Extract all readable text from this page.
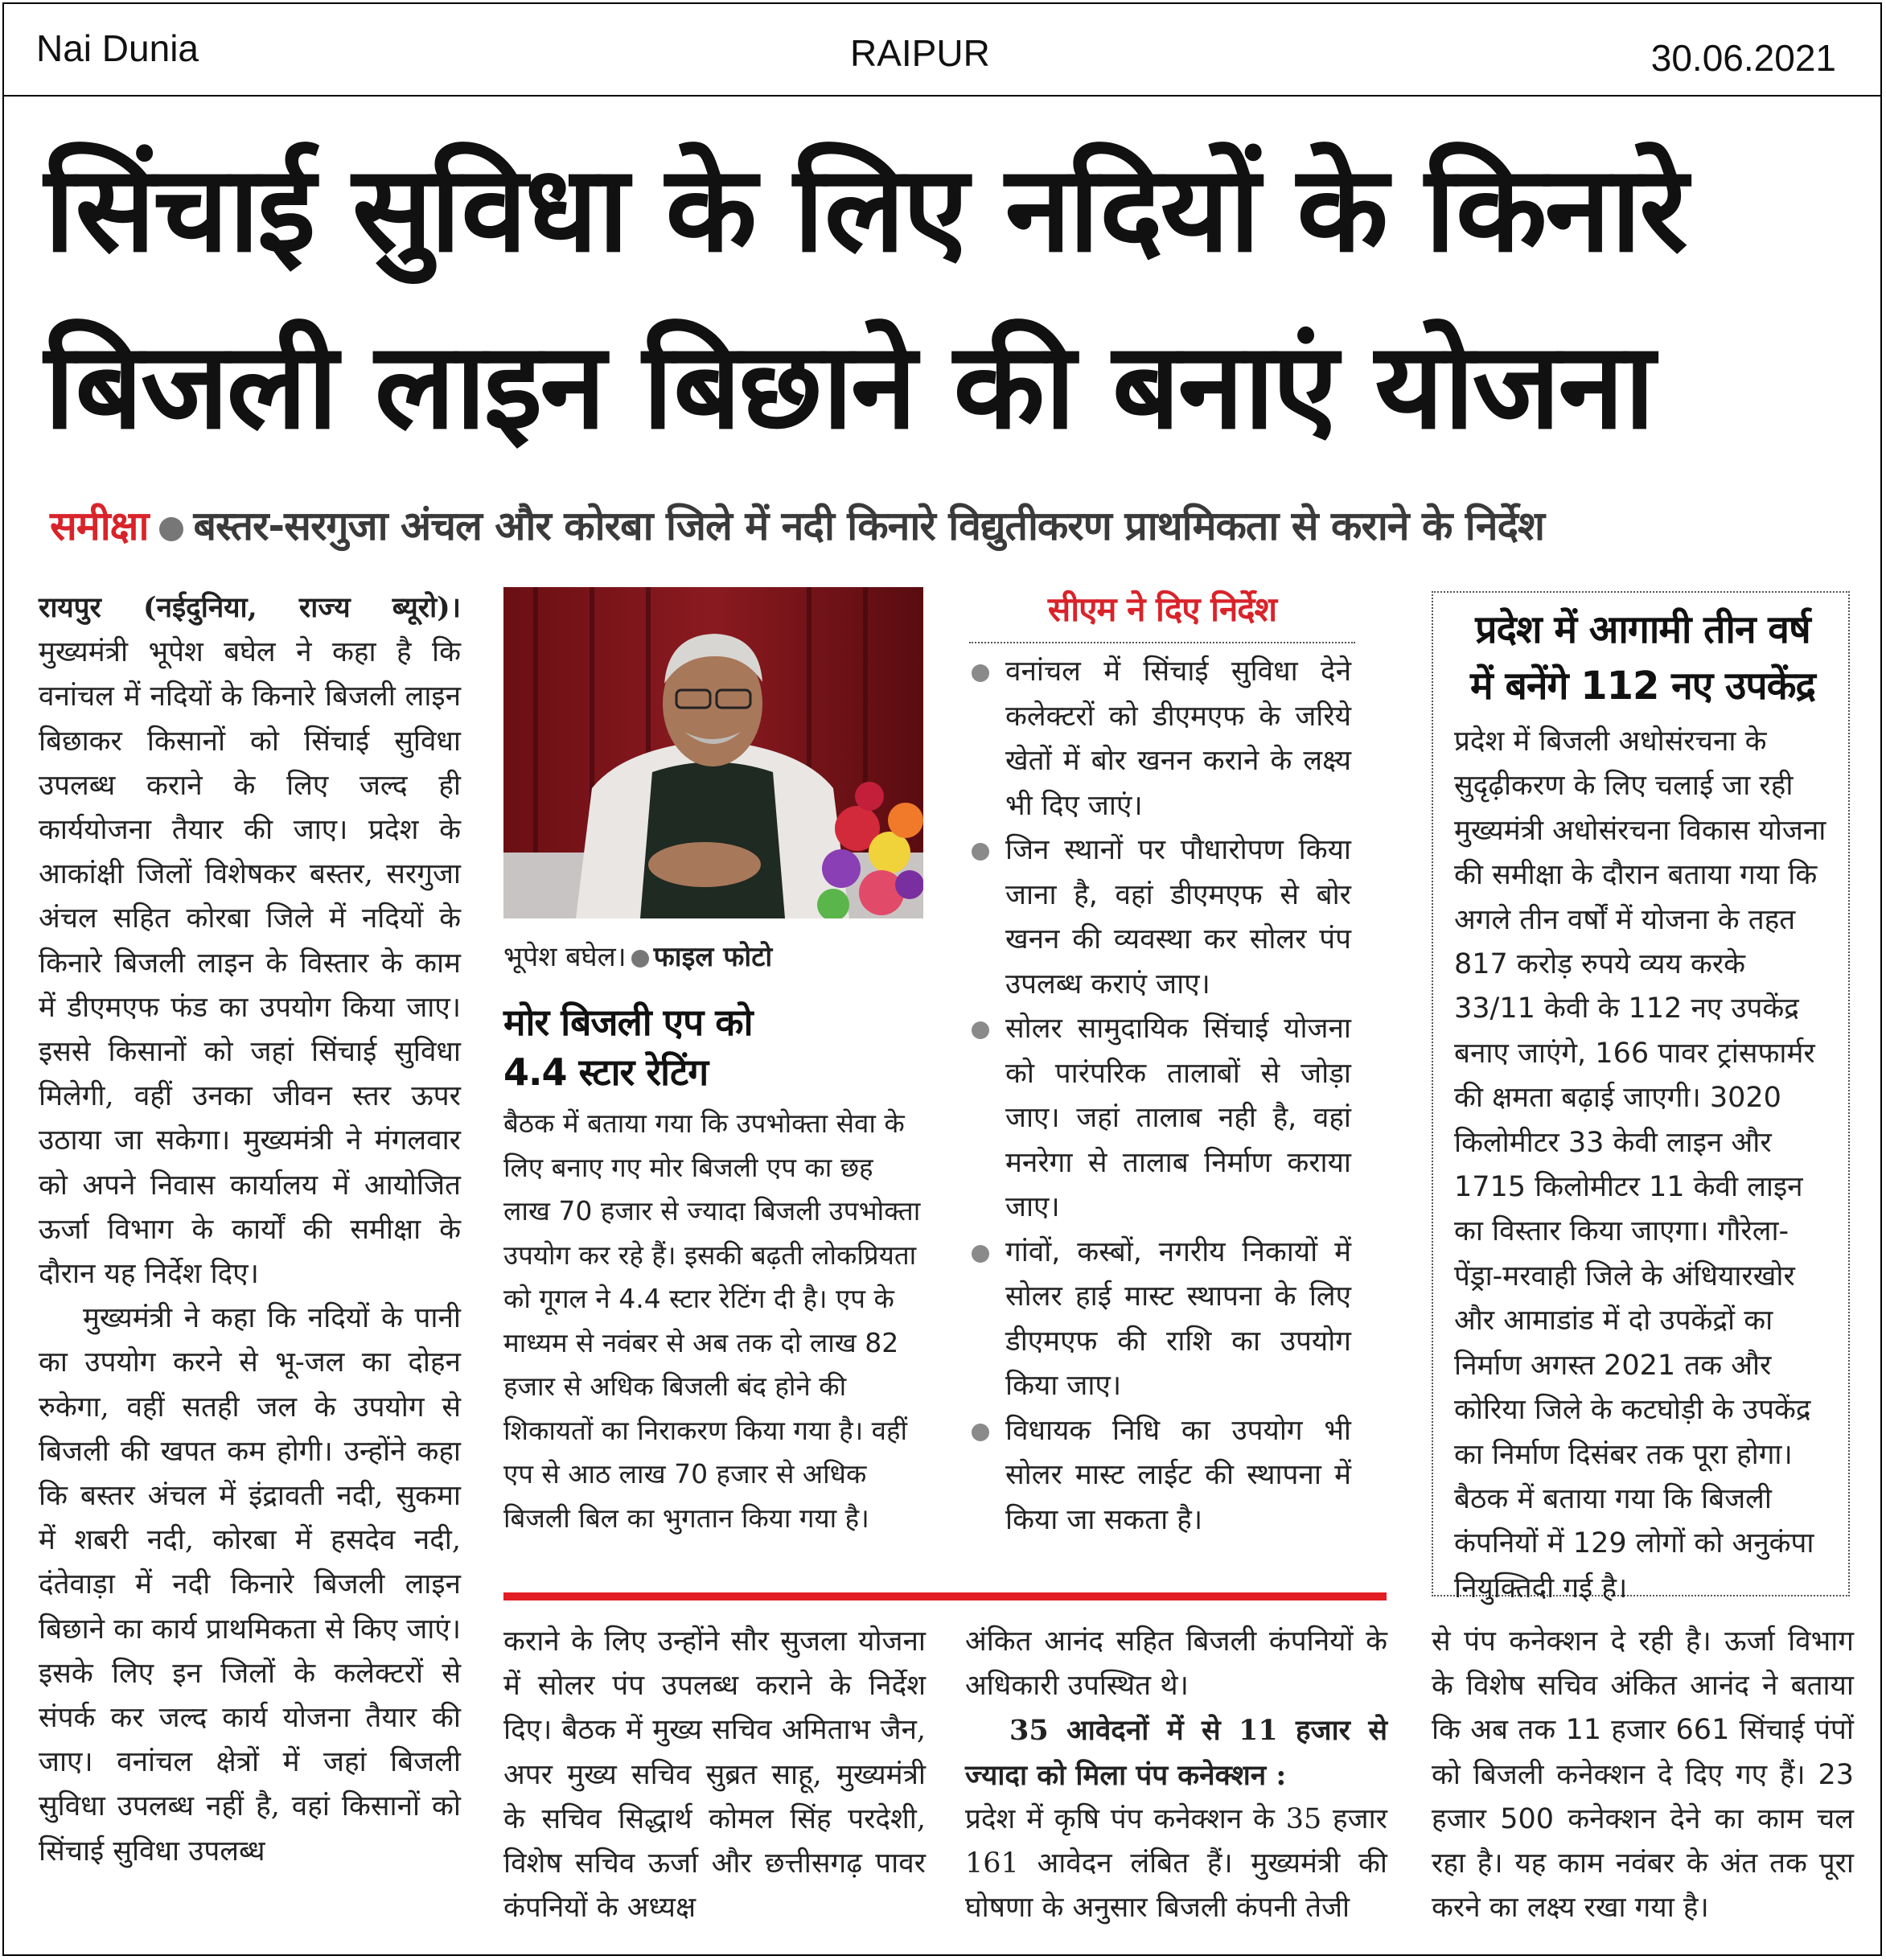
Nai Dunia	RAIPUR	30.06.2021
सिंचाई सुविधा के लिए नदियों के किनारे
बिजली लाइन बिछाने की बनाएं योजना
समीक्षा बस्तर-सरगुजा अंचल और कोरबा जिले में नदी किनारे विद्युतीकरण प्राथमिकता से कराने के निर्देश

रायपुर (नईदुनिया, राज्य ब्यूरो)। मुख्यमंत्री भूपेश बघेल ने कहा है कि वनांचल में नदियों के किनारे बिजली लाइन बिछाकर किसानों को सिंचाई सुविधा उपलब्ध कराने के लिए जल्द ही कार्ययोजना तैयार की जाए। प्रदेश के आकांक्षी जिलों विशेषकर बस्तर, सरगुजा अंचल सहित कोरबा जिले में नदियों के किनारे बिजली लाइन के विस्तार के काम में डीएमएफ फंड का उपयोग किया जाए। इससे किसानों को जहां सिंचाई सुविधा मिलेगी, वहीं उनका जीवन स्तर ऊपर उठाया जा सकेगा। मुख्यमंत्री ने मंगलवार को अपने निवास कार्यालय में आयोजित ऊर्जा विभाग के कार्यों की समीक्षा के दौरान यह निर्देश दिए।

मुख्यमंत्री ने कहा कि नदियों के पानी का उपयोग करने से भू-जल का दोहन रुकेगा, वहीं सतही जल के उपयोग से बिजली की खपत कम होगी। उन्होंने कहा कि बस्तर अंचल में इंद्रावती नदी, सुकमा में शबरी नदी, कोरबा में हसदेव नदी, दंतेवाड़ा में नदी किनारे बिजली लाइन बिछाने का कार्य प्राथमिकता से किए जाएं। इसके लिए इन जिलों के कलेक्टरों से संपर्क कर जल्द कार्य योजना तैयार की जाए। वनांचल क्षेत्रों में जहां बिजली सुविधा उपलब्ध नहीं है, वहां किसानों को सिंचाई सुविधा उपलब्ध

भूपेश बघेल। फाइल फोटो
मोर बिजली एप को
4.4 स्टार रेटिंग
बैठक में बताया गया कि उपभोक्ता सेवा के लिए बनाए गए मोर बिजली एप का छह लाख 70 हजार से ज्यादा बिजली उपभोक्ता उपयोग कर रहे हैं। इसकी बढ़ती लोकप्रियता को गूगल ने 4.4 स्टार रेटिंग दी है। एप के माध्यम से नवंबर से अब तक दो लाख 82 हजार से अधिक बिजली बंद होने की शिकायतों का निराकरण किया गया है। वहीं एप से आठ लाख 70 हजार से अधिक बिजली बिल का भुगतान किया गया है।
सीएम ने दिए निर्देश
वनांचल में सिंचाई सुविधा देने कलेक्टरों को डीएमएफ के जरिये खेतों में बोर खनन कराने के लक्ष्य भी दिए जाएं।
जिन स्थानों पर पौधारोपण किया जाना है, वहां डीएमएफ से बोर खनन की व्यवस्था कर सोलर पंप उपलब्ध कराएं जाए।
सोलर सामुदायिक सिंचाई योजना को पारंपरिक तालाबों से जोड़ा जाए। जहां तालाब नही है, वहां मनरेगा से तालाब निर्माण कराया जाए।
गांवों, कस्बों, नगरीय निकायों में सोलर हाई मास्ट स्थापना के लिए डीएमएफ की राशि का उपयोग किया जाए।
विधायक निधि का उपयोग भी सोलर मास्ट लाईट की स्थापना में किया जा सकता है।
प्रदेश में आगामी तीन वर्ष
में बनेंगे 112 नए उपकेंद्र
प्रदेश में बिजली अधोसंरचना के सुदृढ़ीकरण के लिए चलाई जा रही मुख्यमंत्री अधोसंरचना विकास योजना की समीक्षा के दौरान बताया गया कि अगले तीन वर्षों में योजना के तहत 817 करोड़ रुपये व्यय करके 33/11 केवी के 112 नए उपकेंद्र बनाए जाएंगे, 166 पावर ट्रांसफार्मर की क्षमता बढ़ाई जाएगी। 3020 किलोमीटर 33 केवी लाइन और 1715 किलोमीटर 11 केवी लाइन का विस्तार किया जाएगा। गौरेला-पेंड्रा-मरवाही जिले के अंधियारखोर और आमाडांड में दो उपकेंद्रों का निर्माण अगस्त 2021 तक और कोरिया जिले के कटघोड़ी के उपकेंद्र का निर्माण दिसंबर तक पूरा होगा। बैठक में बताया गया कि बिजली कंपनियों में 129 लोगों को अनुकंपा नियुक्तिदी गई है।
कराने के लिए उन्होंने सौर सुजला योजना में सोलर पंप उपलब्ध कराने के निर्देश दिए। बैठक में मुख्य सचिव अमिताभ जैन, अपर मुख्य सचिव सुब्रत साहू, मुख्यमंत्री के सचिव सिद्धार्थ कोमल सिंह परदेशी, विशेष सचिव ऊर्जा और छत्तीसगढ़ पावर कंपनियों के अध्यक्ष

अंकित आनंद सहित बिजली कंपनियों के अधिकारी उपस्थित थे।

35 आवेदनों में से 11 हजार से ज्यादा को मिला पंप कनेक्शन :

प्रदेश में कृषि पंप कनेक्शन के 35 हजार 161 आवेदन लंबित हैं। मुख्यमंत्री की घोषणा के अनुसार बिजली कंपनी तेजी

से पंप कनेक्शन दे रही है। ऊर्जा विभाग के विशेष सचिव अंकित आनंद ने बताया कि अब तक 11 हजार 661 सिंचाई पंपों को बिजली कनेक्शन दे दिए गए हैं। 23 हजार 500 कनेक्शन देने का काम चल रहा है। यह काम नवंबर के अंत तक पूरा करने का लक्ष्य रखा गया है।
